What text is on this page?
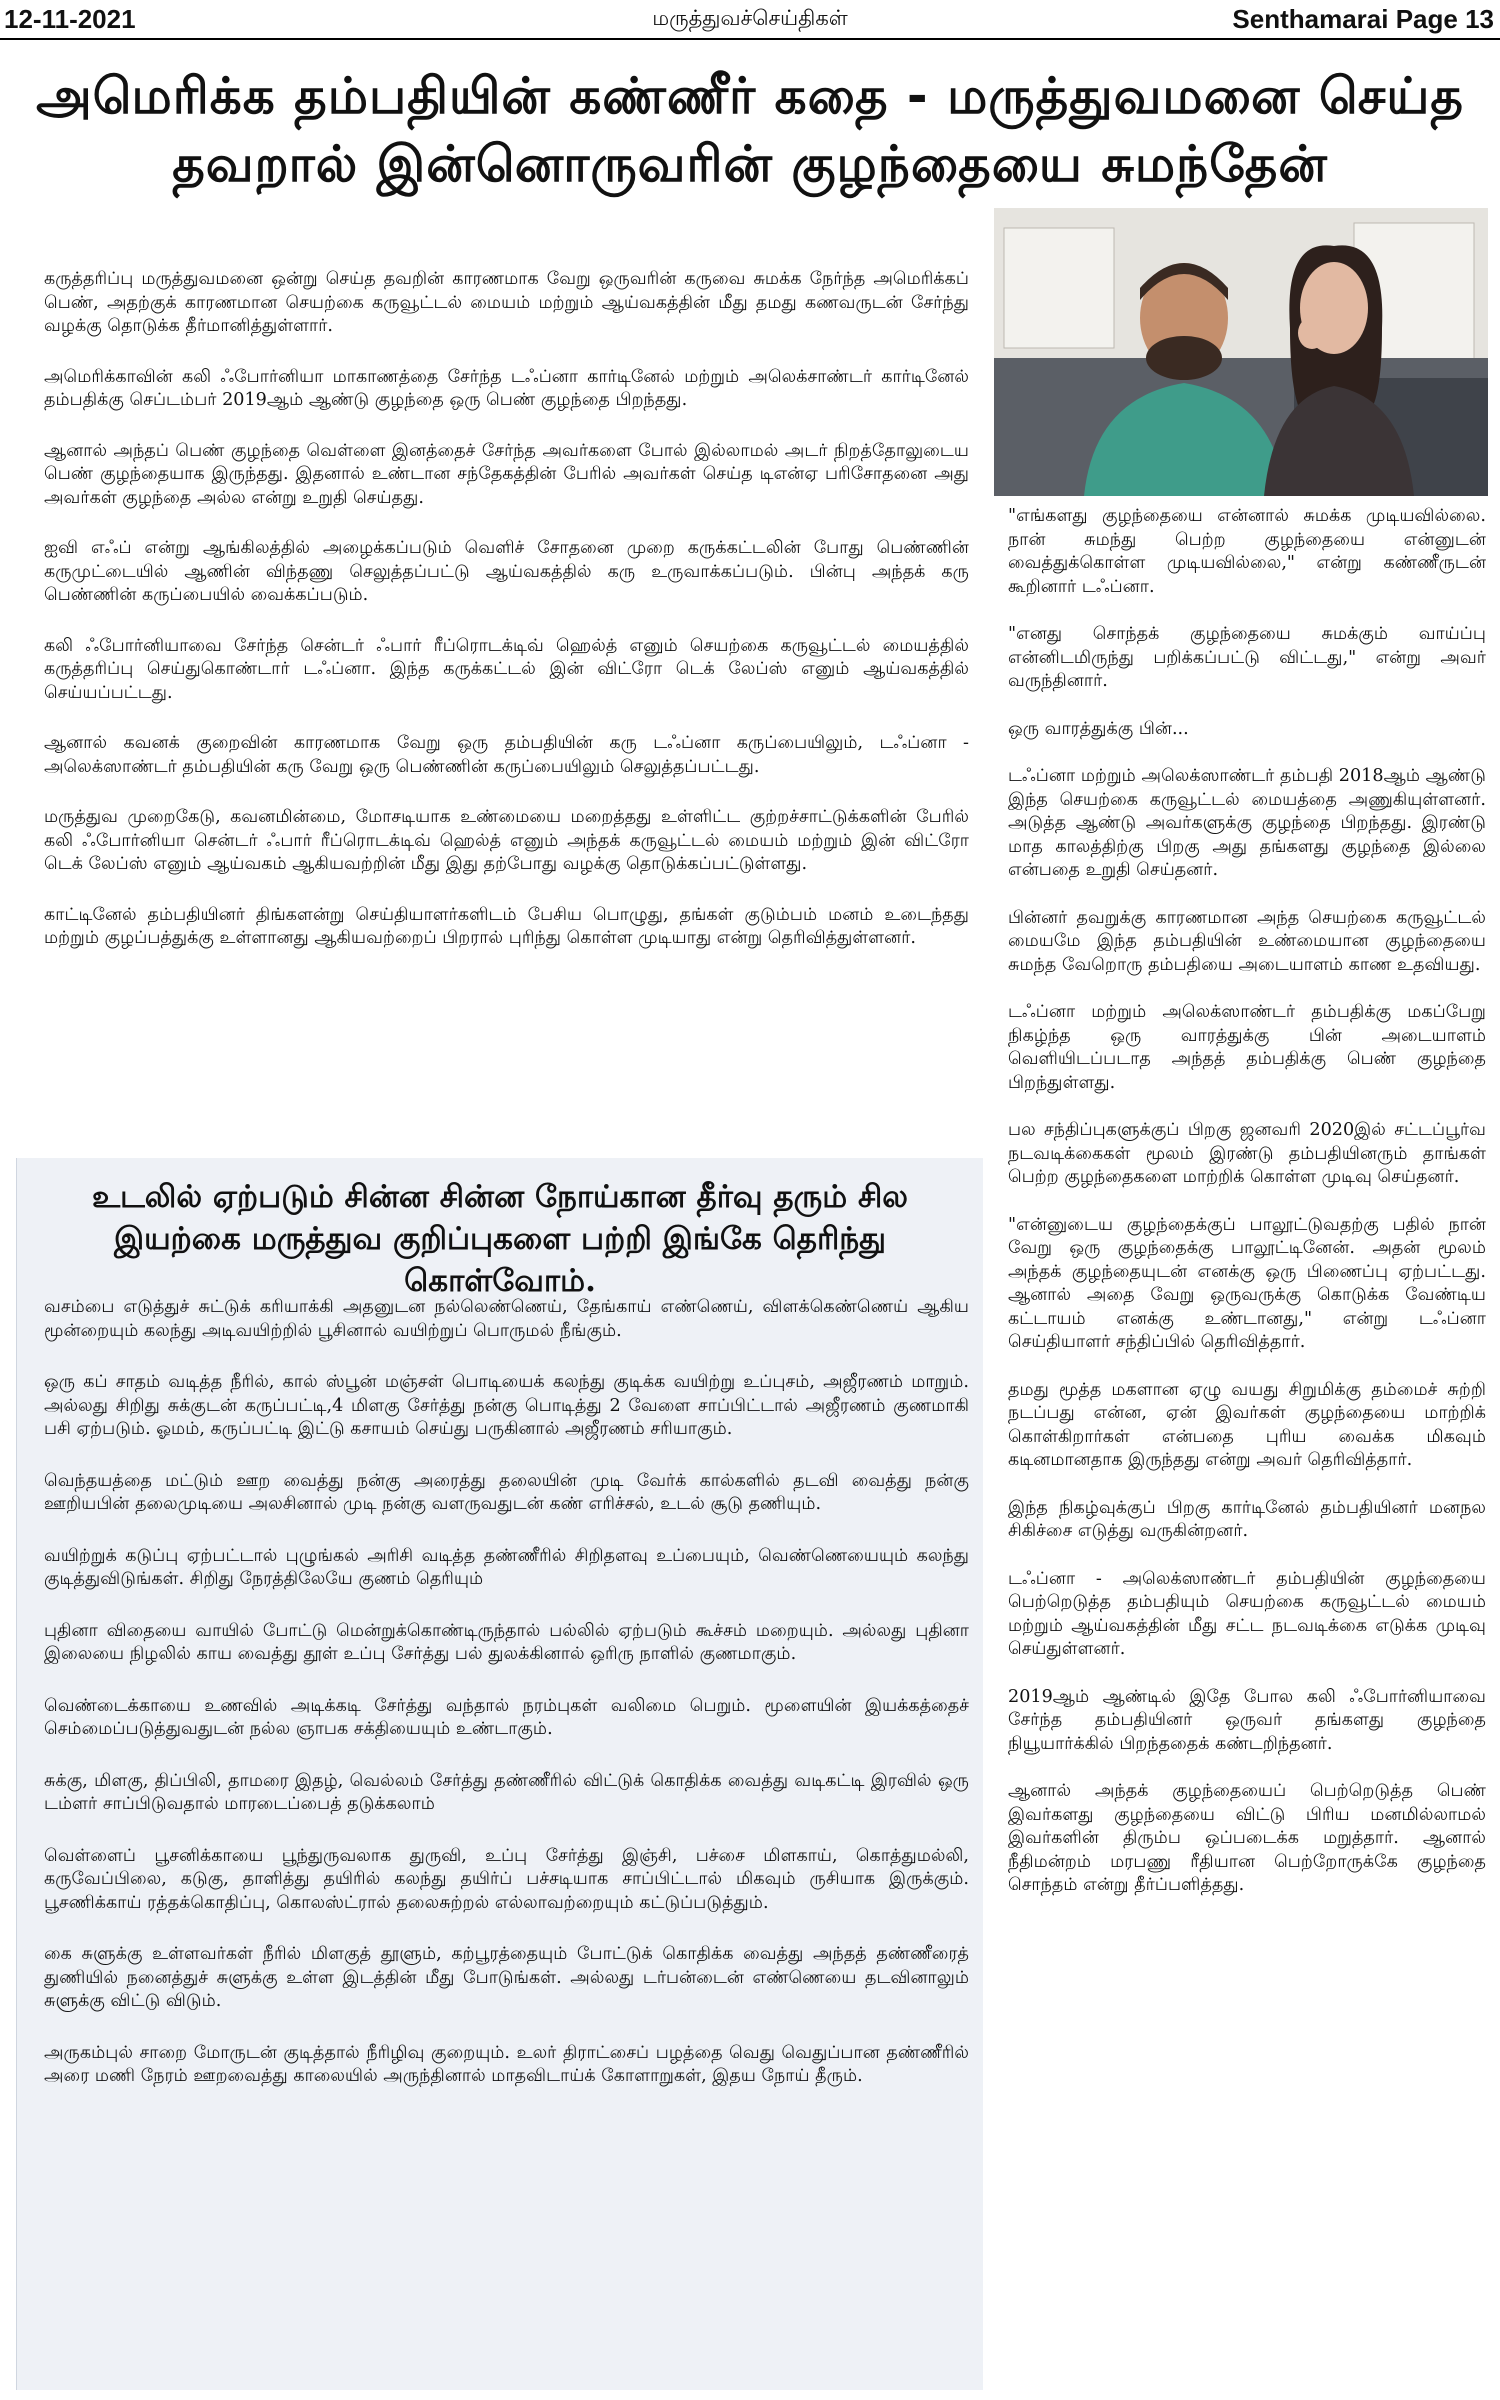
12-11-2021	மருத்துவச்செய்திகள்	Senthamarai Page 13
அமெரிக்க தம்பதியின் கண்ணீர் கதை - மருத்துவமனை செய்த
தவறால் இன்னொருவரின் குழந்தையை சுமந்தேன்

கருத்தரிப்பு மருத்துவமனை ஒன்று செய்த தவறின் காரணமாக வேறு ஒருவரின் கருவை சுமக்க நேர்ந்த அமெரிக்கப் பெண், அதற்குக் காரணமான செயற்கை கருவூட்டல் மையம் மற்றும் ஆய்வகத்தின் மீது தமது கணவருடன் சேர்ந்து வழக்கு தொடுக்க தீர்மானித்துள்ளார்.

அமெரிக்காவின் கலி ஃபோர்னியா மாகாணத்தை சேர்ந்த டஃப்னா கார்டினேல் மற்றும் அலெக்சாண்டர் கார்டினேல் தம்பதிக்கு செப்டம்பர் 2019ஆம் ஆண்டு குழந்தை ஒரு பெண் குழந்தை பிறந்தது.

ஆனால் அந்தப் பெண் குழந்தை வெள்ளை இனத்தைச் சேர்ந்த அவர்களை போல் இல்லாமல் அடர் நிறத்தோலுடைய பெண் குழந்தையாக இருந்தது. இதனால் உண்டான சந்தேகத்தின் பேரில் அவர்கள் செய்த டிஎன்ஏ பரிசோதனை அது அவர்கள் குழந்தை அல்ல என்று உறுதி செய்தது.

ஐவி எஃப் என்று ஆங்கிலத்தில் அழைக்கப்படும் வெளிச் சோதனை முறை கருக்கட்டலின் போது பெண்ணின் கருமுட்டையில் ஆணின் விந்தணு செலுத்தப்பட்டு ஆய்வகத்தில் கரு உருவாக்கப்படும். பின்பு அந்தக் கரு பெண்ணின் கருப்பையில் வைக்கப்படும்.

கலி ஃபோர்னியாவை சேர்ந்த சென்டர் ஃபார் ரீப்ரொடக்டிவ் ஹெல்த் எனும் செயற்கை கருவூட்டல் மையத்தில் கருத்தரிப்பு செய்துகொண்டார் டஃப்னா. இந்த கருக்கட்டல் இன் விட்ரோ டெக் லேப்ஸ் எனும் ஆய்வகத்தில் செய்யப்பட்டது.

ஆனால் கவனக் குறைவின் காரணமாக வேறு ஒரு தம்பதியின் கரு டஃப்னா கருப்பையிலும், டஃப்னா - அலெக்ஸாண்டர் தம்பதியின் கரு வேறு ஒரு பெண்ணின் கருப்பையிலும் செலுத்தப்பட்டது.

மருத்துவ முறைகேடு, கவனமின்மை, மோசடியாக உண்மையை மறைத்தது உள்ளிட்ட குற்றச்சாட்டுக்களின் பேரில் கலி ஃபோர்னியா சென்டர் ஃபார் ரீப்ரொடக்டிவ் ஹெல்த் எனும் அந்தக் கருவூட்டல் மையம் மற்றும் இன் விட்ரோ டெக் லேப்ஸ் எனும் ஆய்வகம் ஆகியவற்றின் மீது இது தற்போது வழக்கு தொடுக்கப்பட்டுள்ளது.

காட்டினேல் தம்பதியினர் திங்களன்று செய்தியாளர்களிடம் பேசிய பொழுது, தங்கள் குடும்பம் மனம் உடைந்தது மற்றும் குழப்பத்துக்கு உள்ளானது ஆகியவற்றைப் பிறரால் புரிந்து கொள்ள முடியாது என்று தெரிவித்துள்ளனர்.

"எங்களது குழந்தையை என்னால் சுமக்க முடியவில்லை. நான் சுமந்து பெற்ற குழந்தையை என்னுடன் வைத்துக்கொள்ள முடியவில்லை," என்று கண்ணீருடன் கூறினார் டஃப்னா.

"எனது சொந்தக் குழந்தையை சுமக்கும் வாய்ப்பு என்னிடமிருந்து பறிக்கப்பட்டு விட்டது," என்று அவர் வருந்தினார்.

ஒரு வாரத்துக்கு பின்...

டஃப்னா மற்றும் அலெக்ஸாண்டர் தம்பதி 2018ஆம் ஆண்டு இந்த செயற்கை கருவூட்டல் மையத்தை அணுகியுள்ளனர். அடுத்த ஆண்டு அவர்களுக்கு குழந்தை பிறந்தது. இரண்டு மாத காலத்திற்கு பிறகு அது தங்களது குழந்தை இல்லை என்பதை உறுதி செய்தனர்.

பின்னர் தவறுக்கு காரணமான அந்த செயற்கை கருவூட்டல் மையமே இந்த தம்பதியின் உண்மையான குழந்தையை சுமந்த வேறொரு தம்பதியை அடையாளம் காண உதவியது.

டஃப்னா மற்றும் அலெக்ஸாண்டர் தம்பதிக்கு மகப்பேறு நிகழ்ந்த ஒரு வாரத்துக்கு பின் அடையாளம் வெளியிடப்படாத அந்தத் தம்பதிக்கு பெண் குழந்தை பிறந்துள்ளது.

பல சந்திப்புகளுக்குப் பிறகு ஜனவரி 2020இல் சட்டப்பூர்வ நடவடிக்கைகள் மூலம் இரண்டு தம்பதியினரும் தாங்கள் பெற்ற குழந்தைகளை மாற்றிக் கொள்ள முடிவு செய்தனர்.

"என்னுடைய குழந்தைக்குப் பாலூட்டுவதற்கு பதில் நான் வேறு ஒரு குழந்தைக்கு பாலூட்டினேன். அதன் மூலம் அந்தக் குழந்தையுடன் எனக்கு ஒரு பிணைப்பு ஏற்பட்டது. ஆனால் அதை வேறு ஒருவருக்கு கொடுக்க வேண்டிய கட்டாயம் எனக்கு உண்டானது," என்று டஃப்னா செய்தியாளர் சந்திப்பில் தெரிவித்தார்.

தமது மூத்த மகளான ஏழு வயது சிறுமிக்கு தம்மைச் சுற்றி நடப்பது என்ன, ஏன் இவர்கள் குழந்தையை மாற்றிக் கொள்கிறார்கள் என்பதை புரிய வைக்க மிகவும் கடினமானதாக இருந்தது என்று அவர் தெரிவித்தார்.

இந்த நிகழ்வுக்குப் பிறகு கார்டினேல் தம்பதியினர் மனநல சிகிச்சை எடுத்து வருகின்றனர்.

டஃப்னா - அலெக்ஸாண்டர் தம்பதியின் குழந்தையை பெற்றெடுத்த தம்பதியும் செயற்கை கருவூட்டல் மையம் மற்றும் ஆய்வகத்தின் மீது சட்ட நடவடிக்கை எடுக்க முடிவு செய்துள்ளனர்.

2019ஆம் ஆண்டில் இதே போல கலி ஃபோர்னியாவை சேர்ந்த தம்பதியினர் ஒருவர் தங்களது குழந்தை நியூயார்க்கில் பிறந்ததைக் கண்டறிந்தனர்.

ஆனால் அந்தக் குழந்தையைப் பெற்றெடுத்த பெண் இவர்களது குழந்தையை விட்டு பிரிய மனமில்லாமல் இவர்களின் திரும்ப ஒப்படைக்க மறுத்தார். ஆனால் நீதிமன்றம் மரபணு ரீதியான பெற்றோருக்கே குழந்தை சொந்தம் என்று தீர்ப்பளித்தது.

உடலில் ஏற்படும் சின்ன சின்ன நோய்கான தீர்வு தரும் சில
இயற்கை மருத்துவ குறிப்புகளை பற்றி இங்கே தெரிந்து கொள்வோம்.

வசம்பை எடுத்துச் சுட்டுக் கரியாக்கி அதனுடன நல்லெண்ணெய், தேங்காய் எண்ணெய், விளக்கெண்ணெய் ஆகிய மூன்றையும் கலந்து அடிவயிற்றில் பூசினால் வயிற்றுப் பொருமல் நீங்கும்.

ஒரு கப் சாதம் வடித்த நீரில், கால் ஸ்பூன் மஞ்சள் பொடியைக் கலந்து குடிக்க வயிற்று உப்புசம், அஜீரணம் மாறும். அல்லது சிறிது சுக்குடன் கருப்பட்டி,4 மிளகு சேர்த்து நன்கு பொடித்து 2 வேளை சாப்பிட்டால் அஜீரணம் குணமாகி பசி ஏற்படும். ஓமம், கருப்பட்டி இட்டு கசாயம் செய்து பருகினால் அஜீரணம் சரியாகும்.

வெந்தயத்தை மட்டும் ஊற வைத்து நன்கு அரைத்து தலையின் முடி வேர்க் கால்களில் தடவி வைத்து நன்கு ஊறியபின் தலைமுடியை அலசினால் முடி நன்கு வளருவதுடன் கண் எரிச்சல், உடல் சூடு தணியும்.

வயிற்றுக் கடுப்பு ஏற்பட்டால் புழுங்கல் அரிசி வடித்த தண்ணீரில் சிறிதளவு உப்பையும், வெண்ணெயையும் கலந்து குடித்துவிடுங்கள். சிறிது நேரத்திலேயே குணம் தெரியும்

புதினா விதையை வாயில் போட்டு மென்றுக்கொண்டிருந்தால் பல்லில் ஏற்படும் கூச்சம் மறையும். அல்லது புதினா இலையை நிழலில் காய வைத்து தூள் உப்பு சேர்த்து பல் துலக்கினால் ஒரிரு நாளில் குணமாகும்.

வெண்டைக்காயை உணவில் அடிக்கடி சேர்த்து வந்தால் நரம்புகள் வலிமை பெறும். மூளையின் இயக்கத்தைச் செம்மைப்படுத்துவதுடன் நல்ல ஞாபக சக்தியையும் உண்டாகும்.

சுக்கு, மிளகு, திப்பிலி, தாமரை இதழ், வெல்லம் சேர்த்து தண்ணீரில் விட்டுக் கொதிக்க வைத்து வடிகட்டி இரவில் ஒரு டம்ளர் சாப்பிடுவதால் மாரடைப்பைத் தடுக்கலாம்

வெள்ளைப் பூசனிக்காயை பூந்துருவலாக துருவி, உப்பு சேர்த்து இஞ்சி, பச்சை மிளகாய், கொத்துமல்லி, கருவேப்பிலை, கடுகு, தாளித்து தயிரில் கலந்து தயிர்ப் பச்சடியாக சாப்பிட்டால் மிகவும் ருசியாக இருக்கும். பூசணிக்காய் ரத்தக்கொதிப்பு, கொலஸ்ட்ரால் தலைசுற்றல் எல்லாவற்றையும் கட்டுப்படுத்தும்.

கை சுளுக்கு உள்ளவர்கள் நீரில் மிளகுத் தூளும், கற்பூரத்தையும் போட்டுக் கொதிக்க வைத்து அந்தத் தண்ணீரைத் துணியில் நனைத்துச் சுளுக்கு உள்ள இடத்தின் மீது போடுங்கள். அல்லது டர்பன்டைன் எண்ணெயை தடவினாலும் சுளுக்கு விட்டு விடும்.

அருகம்புல் சாறை மோருடன் குடித்தால் நீரிழிவு குறையும். உலர் திராட்சைப் பழத்தை வெது வெதுப்பான தண்ணீரில் அரை மணி நேரம் ஊறவைத்து காலையில் அருந்தினால் மாதவிடாய்க் கோளாறுகள், இதய நோய் தீரும்.
